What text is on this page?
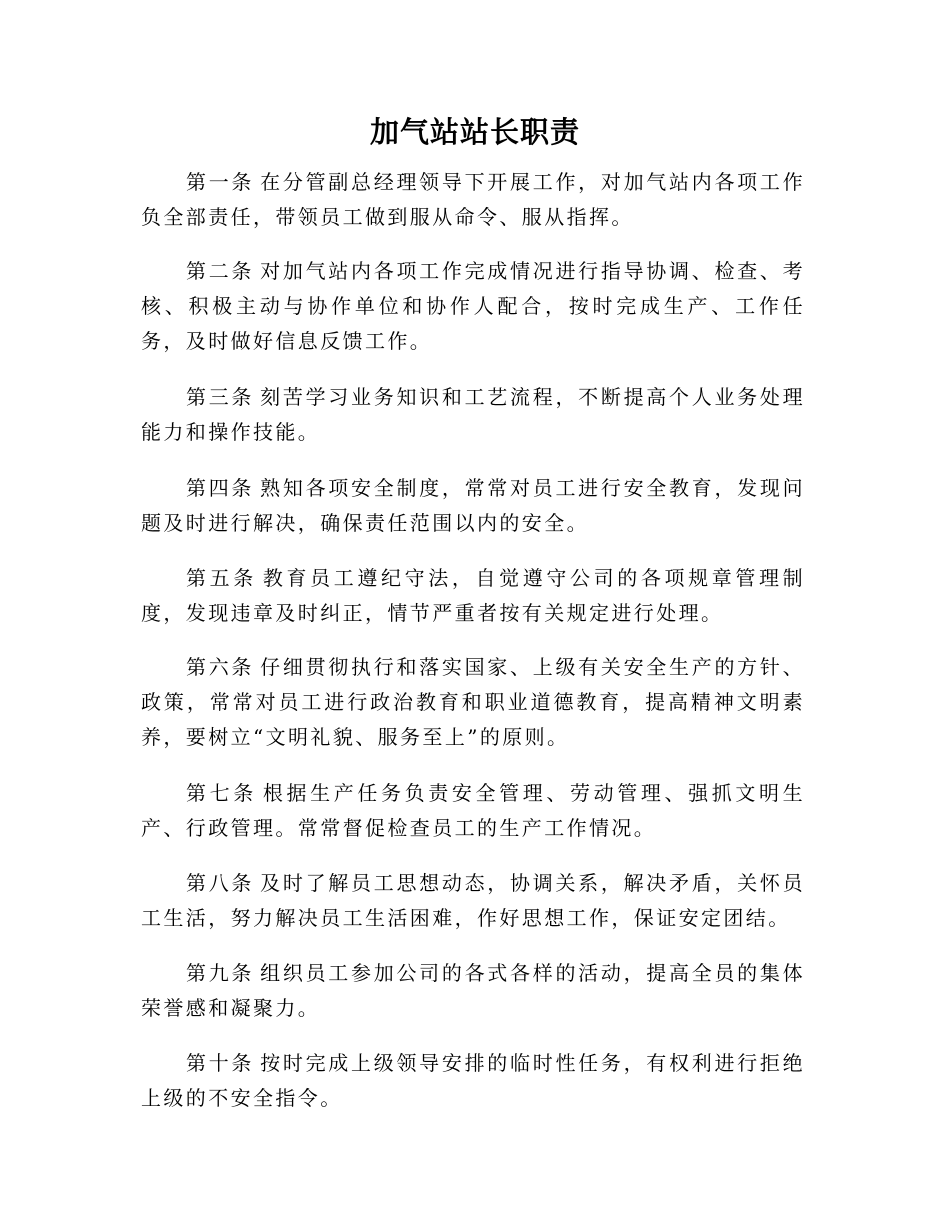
加气站站长职责

第一条 在分管副总经理领导下开展工作，对加气站内各项工作负全部责任，带领员工做到服从命令、服从指挥。

第二条 对加气站内各项工作完成情况进行指导协调、检查、考核、积极主动与协作单位和协作人配合，按时完成生产、工作任务，及时做好信息反馈工作。

第三条 刻苦学习业务知识和工艺流程，不断提高个人业务处理能力和操作技能。

第四条 熟知各项安全制度，常常对员工进行安全教育，发现问题及时进行解决，确保责任范围以内的安全。

第五条 教育员工遵纪守法，自觉遵守公司的各项规章管理制度，发现违章及时纠正，情节严重者按有关规定进行处理。

第六条 仔细贯彻执行和落实国家、上级有关安全生产的方针、政策，常常对员工进行政治教育和职业道德教育，提高精神文明素养，要树立“文明礼貌、服务至上”的原则。

第七条 根据生产任务负责安全管理、劳动管理、强抓文明生产、行政管理。常常督促检查员工的生产工作情况。

第八条 及时了解员工思想动态，协调关系，解决矛盾，关怀员工生活，努力解决员工生活困难，作好思想工作，保证安定团结。

第九条 组织员工参加公司的各式各样的活动，提高全员的集体荣誉感和凝聚力。

第十条 按时完成上级领导安排的临时性任务，有权利进行拒绝上级的不安全指令。
